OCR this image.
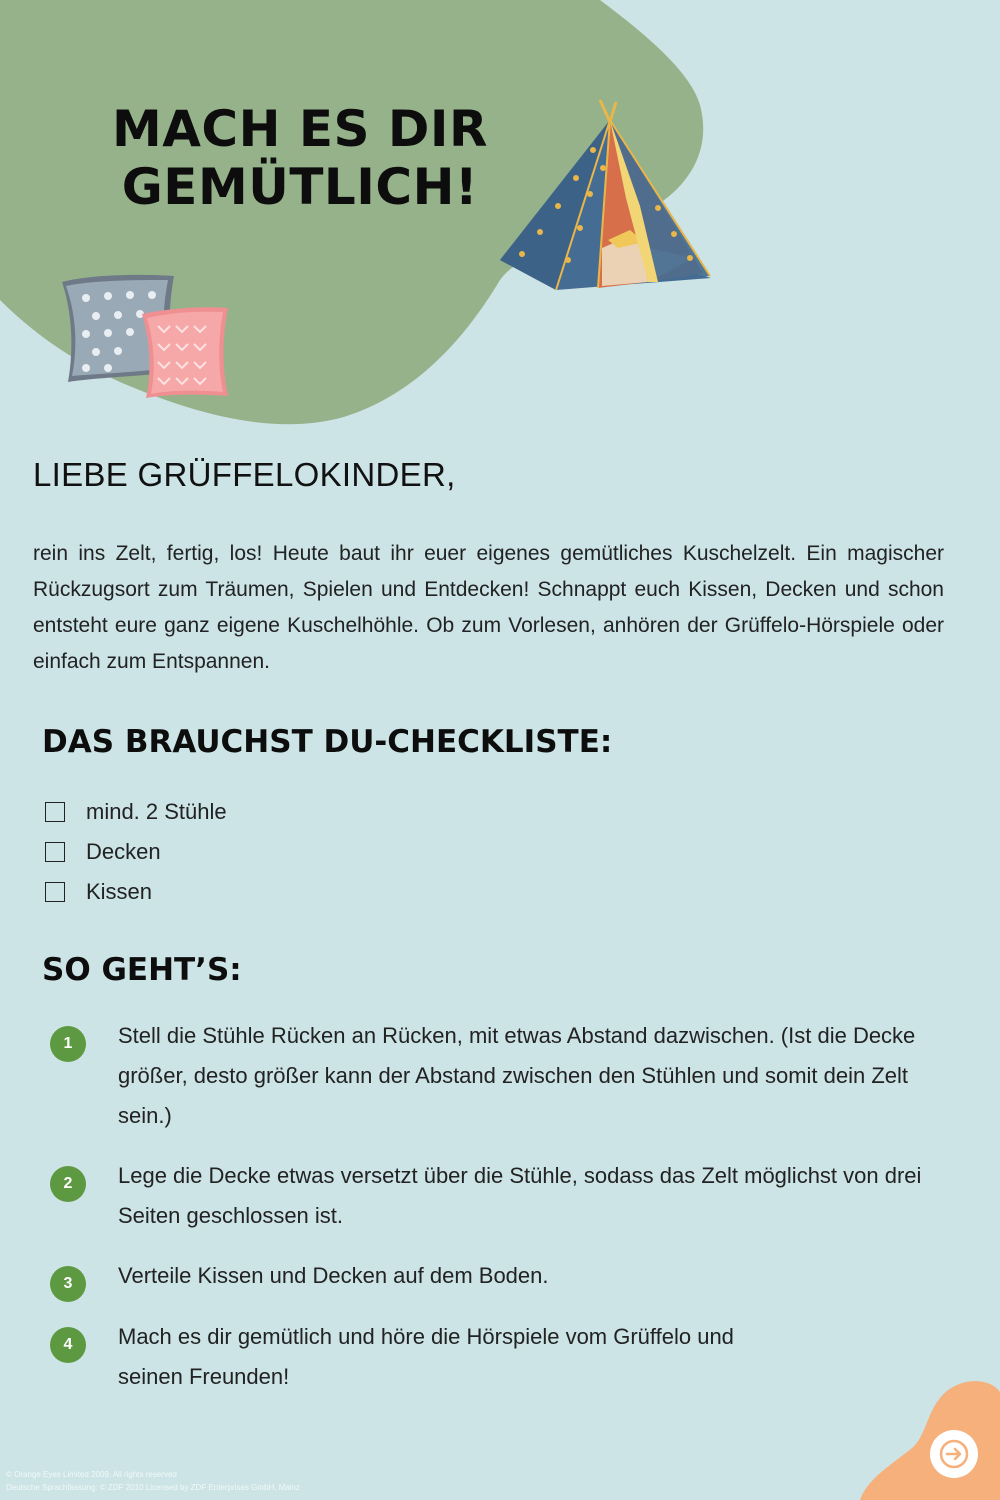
MACH ES DIR
GEMÜTLICH!
LIEBE GRÜFFELOKINDER,

rein ins Zelt, fertig, los! Heute baut ihr euer eigenes gemütliches Kuschelzelt. Ein magischer Rückzugsort zum Träumen, Spielen und Entdecken! Schnappt euch Kissen, Decken und schon entsteht eure ganz eigene Kuschelhöhle. Ob zum Vorlesen, anhören der Grüffelo-Hörspiele oder einfach zum Entspannen.

DAS BRAUCHST DU-CHECKLISTE:
mind. 2 Stühle
Decken
Kissen
SO GEHT’S:
1	Stell die Stühle Rücken an Rücken, mit etwas Abstand dazwischen. (Ist die Decke größer, desto größer kann der Abstand zwischen den Stühlen und somit dein Zelt sein.)
2	Lege die Decke etwas versetzt über die Stühle, sodass das Zelt möglichst von drei Seiten geschlossen ist.
3	Verteile Kissen und Decken auf dem Boden.
4	Mach es dir gemütlich und höre die Hörspiele vom Grüffelo und seinen Freunden!

© Orange Eyes Limited 2009. All rights reserved
Deutsche Sprachfassung: © ZDF 2010 Licensed by ZDF Enterprises GmbH, Mainz
